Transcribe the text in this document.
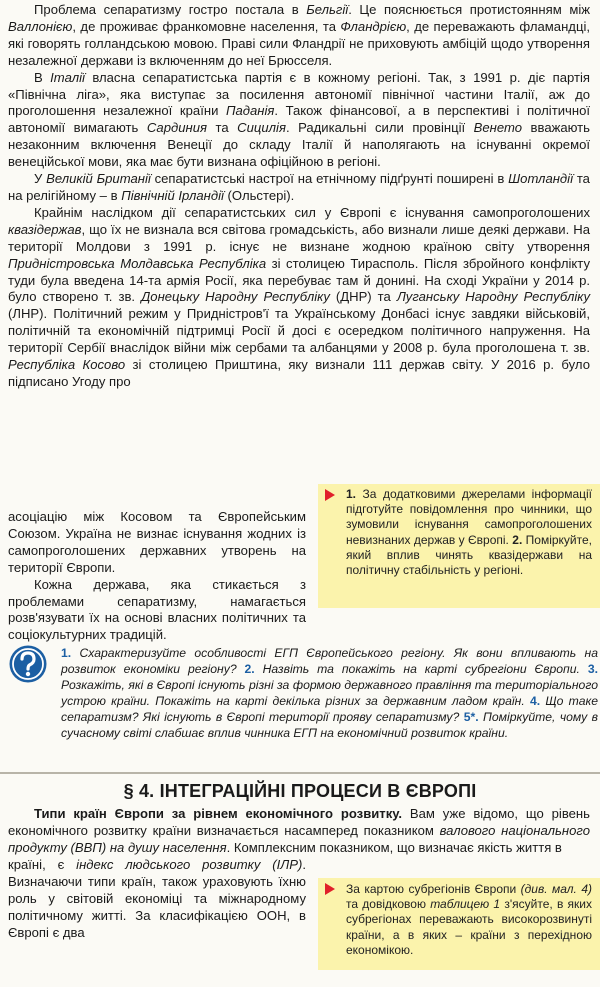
Проблема сепаратизму гостро постала в Бельгії. Це пояснюється протистоянням між Валлонією, де проживає франкомовне населення, та Фландрією, де переважають фламандці, які говорять голландською мовою. Праві сили Фландрії не приховують амбіцій щодо утворення незалежної держави із включенням до неї Брюсселя.

В Італії власна сепаратистська партія є в кожному регіоні. Так, з 1991 р. діє партія «Північна ліга», яка виступає за посилення автономії північної частини Італії, аж до проголошення незалежної країни Паданія. Також фінансової, а в перспективі і політичної автономії вимагають Сардиния та Сицилія. Радикальні сили провінції Венето вважають незаконним включення Венеції до складу Італії й наполягають на існуванні окремої венеційської мови, яка має бути визнана офіційною в регіоні.

У Великій Британії сепаратистські настрої на етнічному підґрунті поширені в Шотландії та на релігійному – в Північній Ірландії (Ольстері).

Крайнім наслідком дії сепаратистських сил у Європі є існування самопроголошених квазідержав, що їх не визнала вся світова громадськість, або визнали лише деякі держави. На території Молдови з 1991 р. існує не визнане жодною країною світу утворення Придністровська Молдавська Республіка зі столицею Тирасполь. Після збройного конфлікту туди була введена 14-та армія Росії, яка перебуває там й донині. На сході України у 2014 р. було створено т. зв. Донецьку Народну Республіку (ДНР) та Луганську Народну Республіку (ЛНР). Політичний режим у Придністров'ї та Українському Донбасі існує завдяки військовій, політичній та економічній підтримці Росії й досі є осередком політичного напруження. На території Сербії внаслідок війни між сербами та албанцями у 2008 р. була проголошена т. зв. Республіка Косово зі столицею Приштина, яку визнали 111 держав світу. У 2016 р. було підписано Угоду про

асоціацію між Косовом та Європейським Союзом. Україна не визнає існування жодних із самопроголошених державних утворень на території Європи.

Кожна держава, яка стикається з проблемами сепаратизму, намагається розв'язувати їх на основі власних політичних та соціокультурних традицій.

1. За додатковими джерелами інформації підготуйте повідомлення про чинники, що зумовили існування самопроголошених невизнаних держав у Європі. 2. Поміркуйте, який вплив чинять квазідержави на політичну стабільність у регіоні.
1. Схарактеризуйте особливості ЕГП Європейського регіону. Як вони впливають на розвиток економіки регіону? 2. Назвіть та покажіть на карті субрегіони Європи. 3. Розкажіть, які в Європі існують різні за формою державного правління та територіального устрою країни. Покажіть на карті декілька різних за державним ладом країн. 4. Що таке сепаратизм? Які існують в Європі території прояву сепаратизму? 5*. Поміркуйте, чому в сучасному світі слабшає вплив чинника ЕГП на економічний розвиток країни.
§ 4. ІНТЕГРАЦІЙНІ ПРОЦЕСИ В ЄВРОПІ

Типи країн Європи за рівнем економічного розвитку. Вам уже відомо, що рівень економічного розвитку країни визначається насамперед показником валового національного продукту (ВВП) на душу населення. Комплексним показником, що визначає якість життя в

країні, є індекс людського розвитку (ІЛР). Визначаючи типи країн, також ураховують їхню роль у світовій економіці та міжнародному політичному житті. За класифікацією ООН, в Європі є два

За картою субрегіонів Європи (див. мал. 4) та довідковою таблицею 1 з'ясуйте, в яких субрегіонах переважають високорозвинуті країни, а в яких – країни з перехідною економікою.
